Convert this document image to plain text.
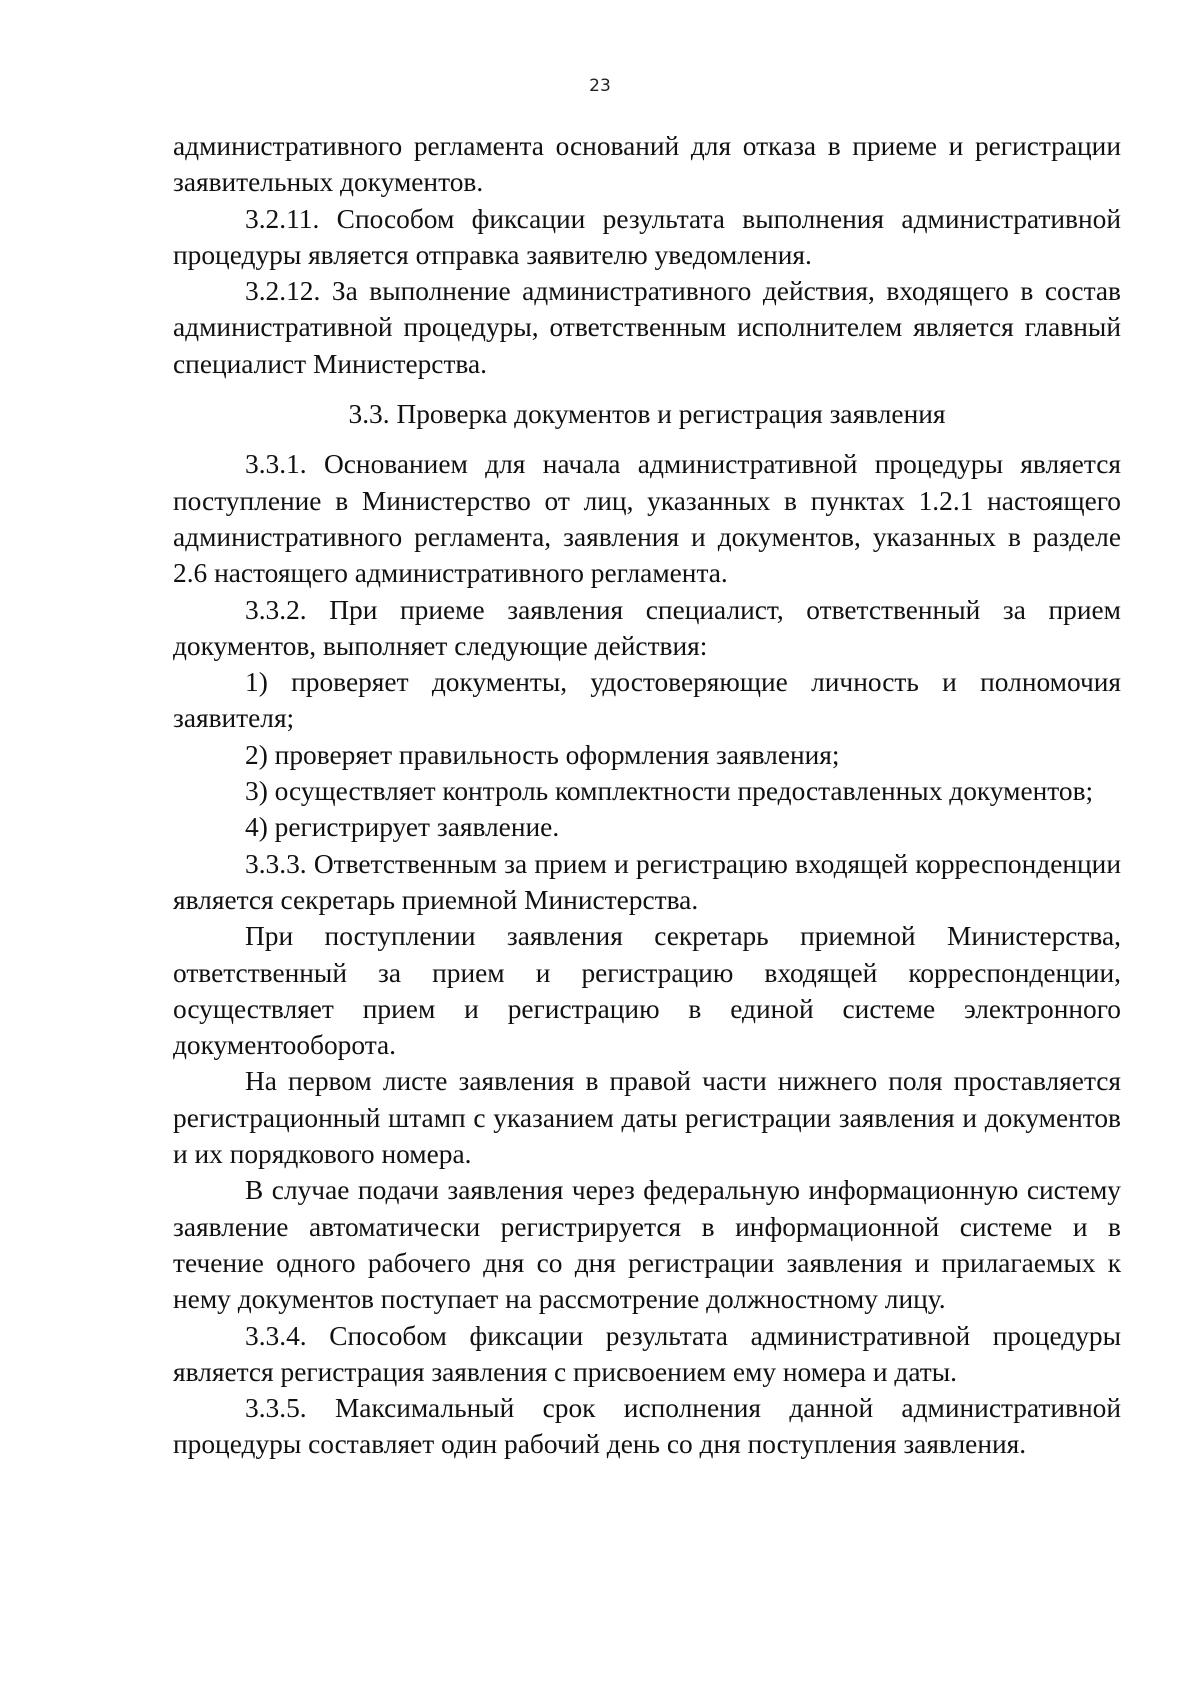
23

административного регламента оснований для отказа в приеме и регистрации заявительных документов.

3.2.11. Способом фиксации результата выполнения административной процедуры является отправка заявителю уведомления.

3.2.12. За выполнение административного действия, входящего в состав административной процедуры, ответственным исполнителем является главный специалист Министерства.

3.3. Проверка документов и регистрация заявления

3.3.1. Основанием для начала административной процедуры является поступление в Министерство от лиц, указанных в пунктах 1.2.1 настоящего административного регламента, заявления и документов, указанных в разделе 2.6 настоящего административного регламента.

3.3.2. При приеме заявления специалист, ответственный за прием документов, выполняет следующие действия:

1) проверяет документы, удостоверяющие личность и полномочия заявителя;

2) проверяет правильность оформления заявления;

3) осуществляет контроль комплектности предоставленных документов;

4) регистрирует заявление.

3.3.3. Ответственным за прием и регистрацию входящей корреспонденции является секретарь приемной Министерства.

При поступлении заявления секретарь приемной Министерства, ответственный за прием и регистрацию входящей корреспонденции, осуществляет прием и регистрацию в единой системе электронного документооборота.

На первом листе заявления в правой части нижнего поля проставляется регистрационный штамп с указанием даты регистрации заявления и документов и их порядкового номера.

В случае подачи заявления через федеральную информационную систему заявление автоматически регистрируется в информационной системе и в течение одного рабочего дня со дня регистрации заявления и прилагаемых к нему документов поступает на рассмотрение должностному лицу.

3.3.4. Способом фиксации результата административной процедуры является регистрация заявления с присвоением ему номера и даты.

3.3.5. Максимальный срок исполнения данной административной процедуры составляет один рабочий день со дня поступления заявления.
